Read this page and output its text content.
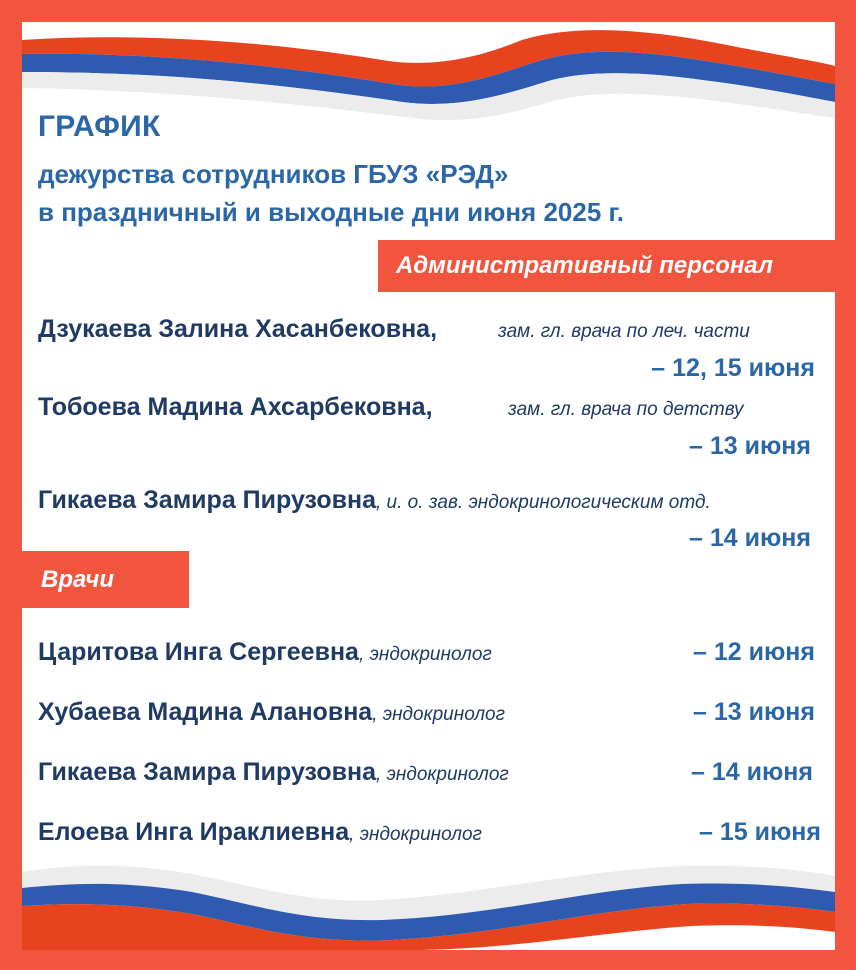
ГРАФИК
дежурства сотрудников ГБУЗ «РЭД»
в праздничный и выходные дни июня 2025 г.
Административный персонал
Дзукаева Залина Хасанбековна,	зам. гл. врача по леч. части
– 12, 15 июня
Тобоева Мадина Ахсарбековна,	зам. гл. врача по детству
– 13 июня
Гикаева Замира Пирузовна, и. о. зав. эндокринологическим отд.
– 14 июня
Врачи
Царитова Инга Сергеевна, эндокринолог	– 12 июня
Хубаева Мадина Алановна, эндокринолог	– 13 июня
Гикаева Замира Пирузовна, эндокринолог	– 14 июня
Елоева Инга Ираклиевна, эндокринолог	– 15 июня
